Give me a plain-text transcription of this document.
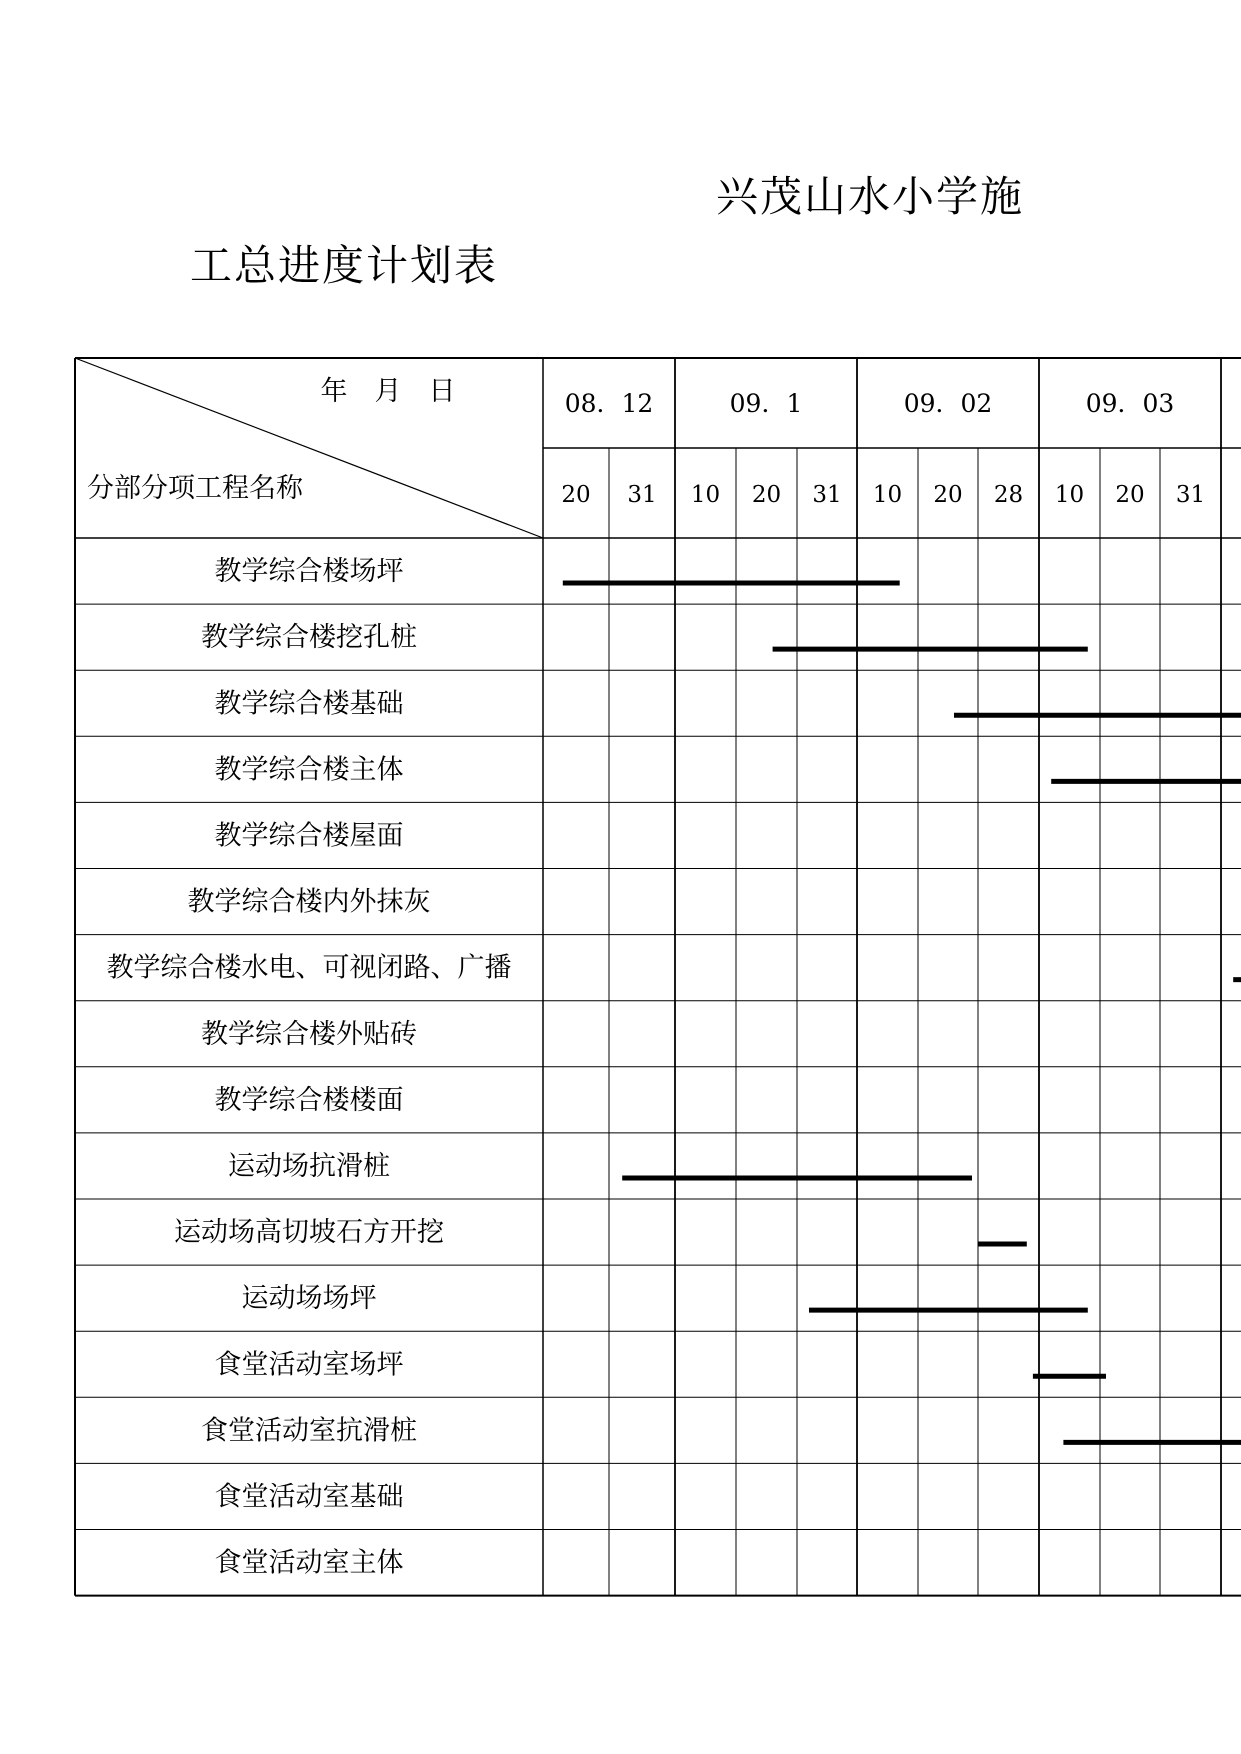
兴茂山水小学施
工总进度计划表
年　月　日
分部分项工程名称
08．12
20 31
09．1
10 20 31
09．02
10 20 28
09．03
10 20 31
教学综合楼场坪
教学综合楼挖孔桩
教学综合楼基础
教学综合楼主体
教学综合楼屋面
教学综合楼内外抹灰
教学综合楼水电、可视闭路、广播
教学综合楼外贴砖
教学综合楼楼面
运动场抗滑桩
运动场高切坡石方开挖
运动场场坪
食堂活动室场坪
食堂活动室抗滑桩
食堂活动室基础
食堂活动室主体
